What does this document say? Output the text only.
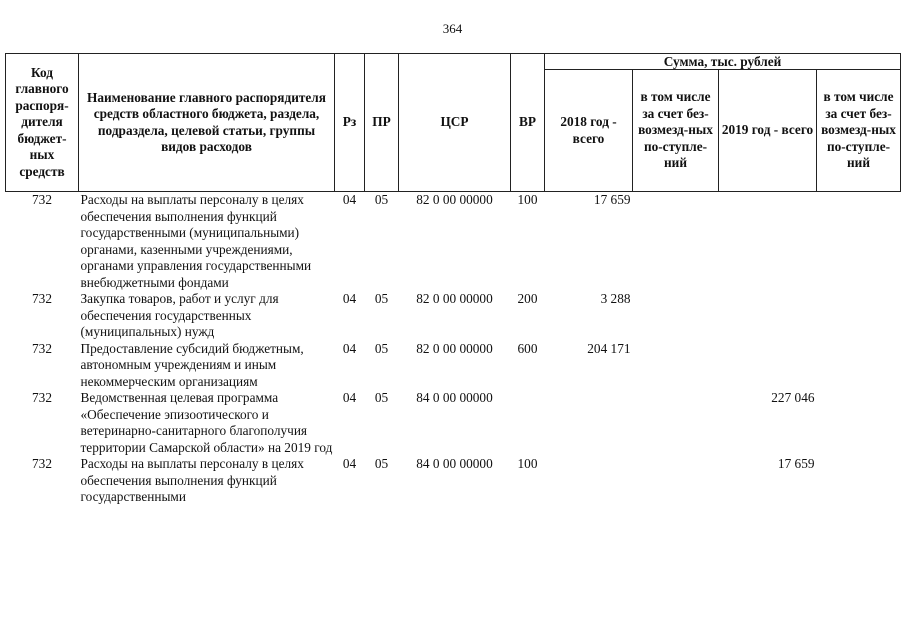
364
Код главного распоря-дителя бюджет-ных средств	Наименование главного распорядителя средств областного бюджета, раздела, подраздела, целевой статьи, группы видов расходов	Рз	ПР	ЦСР	ВР	Сумма, тыс. рублей			
						2018 год - всего	в том числе за счет без-возмезд-ных по-ступле-ний	2019 год - всего	в том числе за счет без-возмезд-ных по-ступле-ний
732	Расходы на выплаты персоналу в целях обеспечения выполнения функций государственными (муниципальными) органами, казенными учреждениями, органами управления государственными внебюджетными фондами	04	05	82 0 00 00000	100	17 659			
732	Закупка товаров, работ и услуг для обеспечения государственных (муниципальных) нужд	04	05	82 0 00 00000	200	3 288			
732	Предоставление субсидий бюджетным, автономным учреждениям и иным некоммерческим организациям	04	05	82 0 00 00000	600	204 171			
732	Ведомственная целевая программа «Обеспечение эпизоотического и ветеринарно-санитарного благополучия территории Самарской области» на 2019 год	04	05	84 0 00 00000				227 046	
732	Расходы на выплаты персоналу в целях обеспечения выполнения функций государственными	04	05	84 0 00 00000	100			17 659	
